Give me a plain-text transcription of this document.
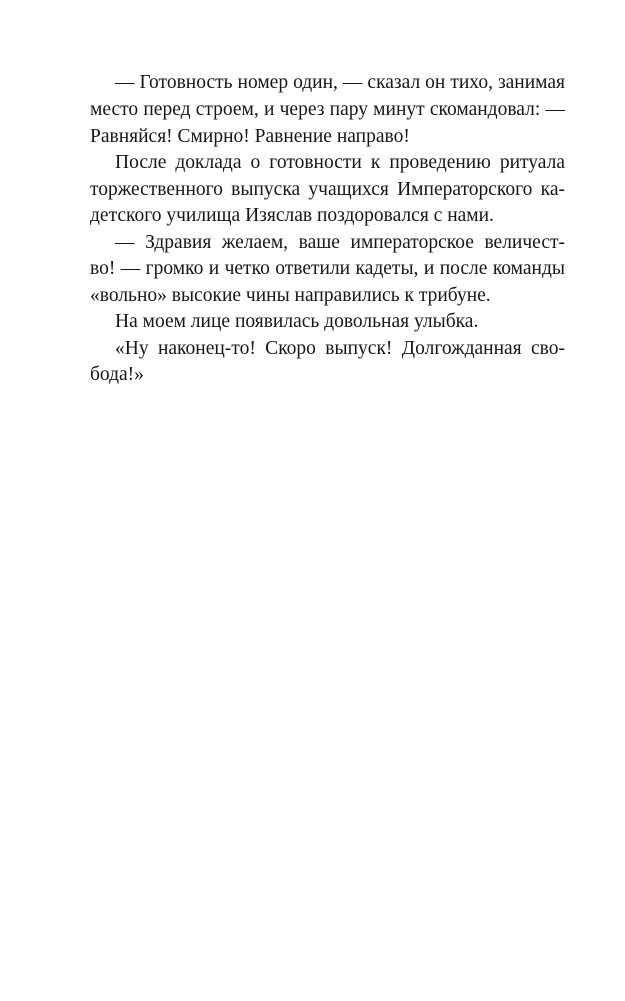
— Готовность номер один, — сказал он тихо, занимая
место перед строем, и через пару минут скомандовал: —
Равняйся! Смирно! Равнение направо!
После доклада о готовности к проведению ритуала
торжественного выпуска учащихся Императорского ка-
детского училища Изяслав поздоровался с нами.
— Здравия желаем, ваше императорское величест-
во! — громко и четко ответили кадеты, и после команды
«вольно» высокие чины направились к трибуне.
На моем лице появилась довольная улыбка.
«Ну наконец-то! Скоро выпуск! Долгожданная сво-
бода!»
